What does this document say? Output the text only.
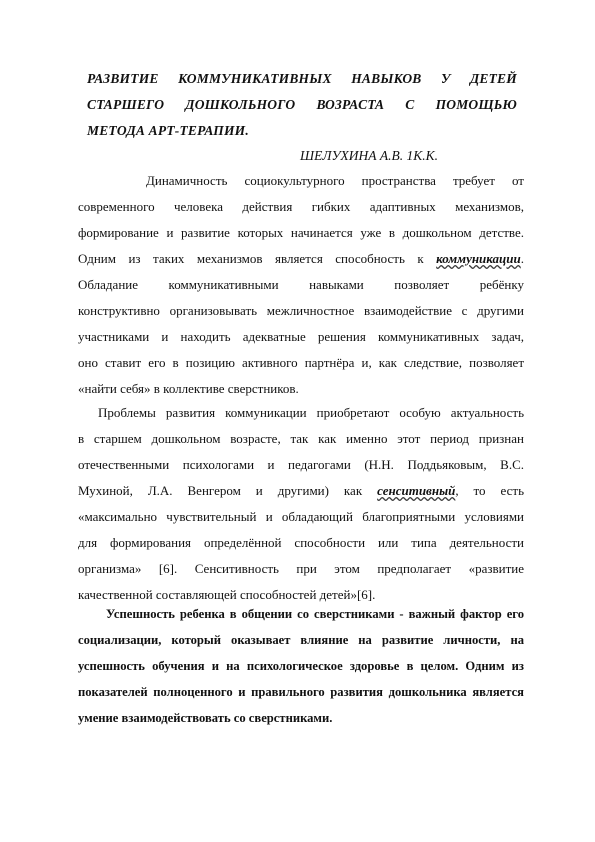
РАЗВИТИЕ КОММУНИКАТИВНЫХ НАВЫКОВ У ДЕТЕЙ
СТАРШЕГО ДОШКОЛЬНОГО ВОЗРАСТА С ПОМОЩЬЮ
МЕТОДА АРТ-ТЕРАПИИ.
ШЕЛУХИНА А.В. 1К.К.
Динамичность социокультурного пространства требует от
современного человека действия гибких адаптивных механизмов,
формирование и развитие которых начинается уже в дошкольном детстве.
Одним из таких механизмов является способность к коммуникации.
Обладание коммуникативными навыками позволяет ребёнку
конструктивно организовывать межличностное взаимодействие с другими
участниками и находить адекватные решения коммуникативных задач,
оно ставит его в позицию активного партнёра и, как следствие, позволяет
«найти себя» в коллективе сверстников.
Проблемы развития коммуникации приобретают особую актуальность
в старшем дошкольном возрасте, так как именно этот период признан
отечественными психологами и педагогами (Н.Н. Поддьяковым, В.С.
Мухиной, Л.А. Венгером и другими) как сенситивный, то есть
«максимально чувствительный и обладающий благоприятными условиями
для формирования определённой способности или типа деятельности
организма» [6]. Сенситивность при этом предполагает «развитие
качественной составляющей способностей детей»[6].
Успешность ребенка в общении со сверстниками - важный фактор его
социализации, который оказывает влияние на развитие личности, на
успешность обучения и на психологическое здоровье в целом. Одним из
показателей полноценного и правильного развития дошкольника является
умение взаимодействовать со сверстниками.
